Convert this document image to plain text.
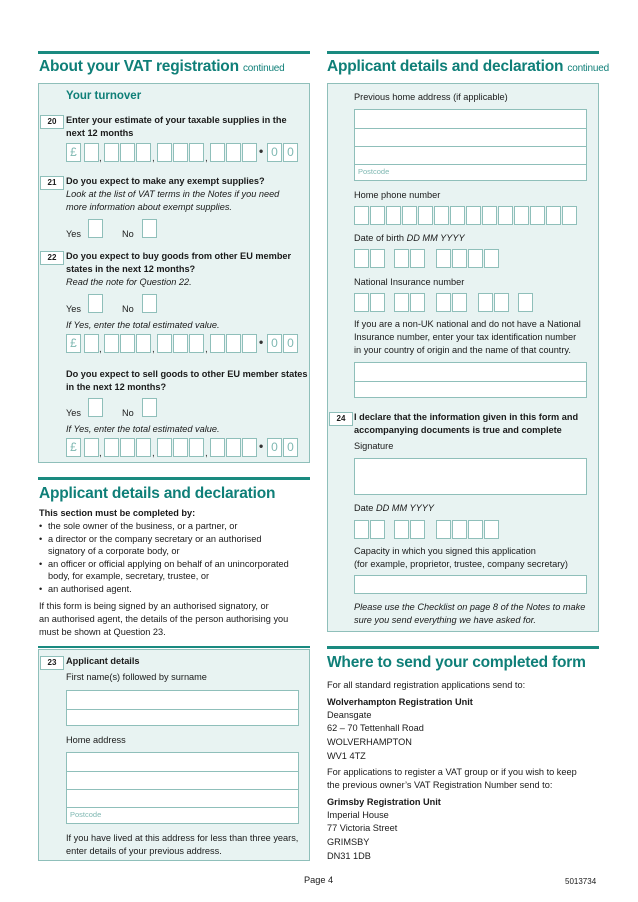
About your VAT registration continued
Your turnover
20	Enter your estimate of your taxable supplies in the
next 12 months
£	,	,	,
• 0 0
21	Do you expect to make any exempt supplies?
Look at the list of VAT terms in the Notes if you need
more information about exempt supplies.
Yes	No
22	Do you expect to buy goods from other EU member
states in the next 12 months?
Read the note for Question 22.
Yes	No
If Yes, enter the total estimated value.
£	,	,	,
• 0 0
Do you expect to sell goods to other EU member states
in the next 12 months?
Yes	No
If Yes, enter the total estimated value.
£	,	,	,
• 0 0
Applicant details and declaration
This section must be completed by:
• the sole owner of the business, or a partner, or
• a director or the company secretary or an authorised
signatory of a corporate body, or
• an officer or official applying on behalf of an unincorporated
body, for example, secretary, trustee, or
• an authorised agent.
If this form is being signed by an authorised signatory, or
an authorised agent, the details of the person authorising you
must be shown at Question 23.
23	Applicant details
First name(s) followed by surname
Home address
Postcode
If you have lived at this address for less than three years,
enter details of your previous address.
Applicant details and declaration continued
Previous home address (if applicable)
Postcode
Home phone number
Date of birth DD MM YYYY
National Insurance number
If you are a non-UK national and do not have a National
Insurance number, enter your tax identification number
in your country of origin and the name of that country.
24 I declare that the information given in this form and
accompanying documents is true and complete
Signature
Date DD MM YYYY
Capacity in which you signed this application
(for example, proprietor, trustee, company secretary)
Please use the Checklist on page 8 of the Notes to make
sure you send everything we have asked for.
Where to send your completed form
For all standard registration applications send to:
Wolverhampton Registration Unit
Deansgate
62 – 70 Tettenhall Road
WOLVERHAMPTON
WV1 4TZ
For applications to register a VAT group or if you wish to keep
the previous owner’s VAT Registration Number send to:
Grimsby Registration Unit
Imperial House
77 Victoria Street
GRIMSBY
DN31 1DB
Page 4	5013734
